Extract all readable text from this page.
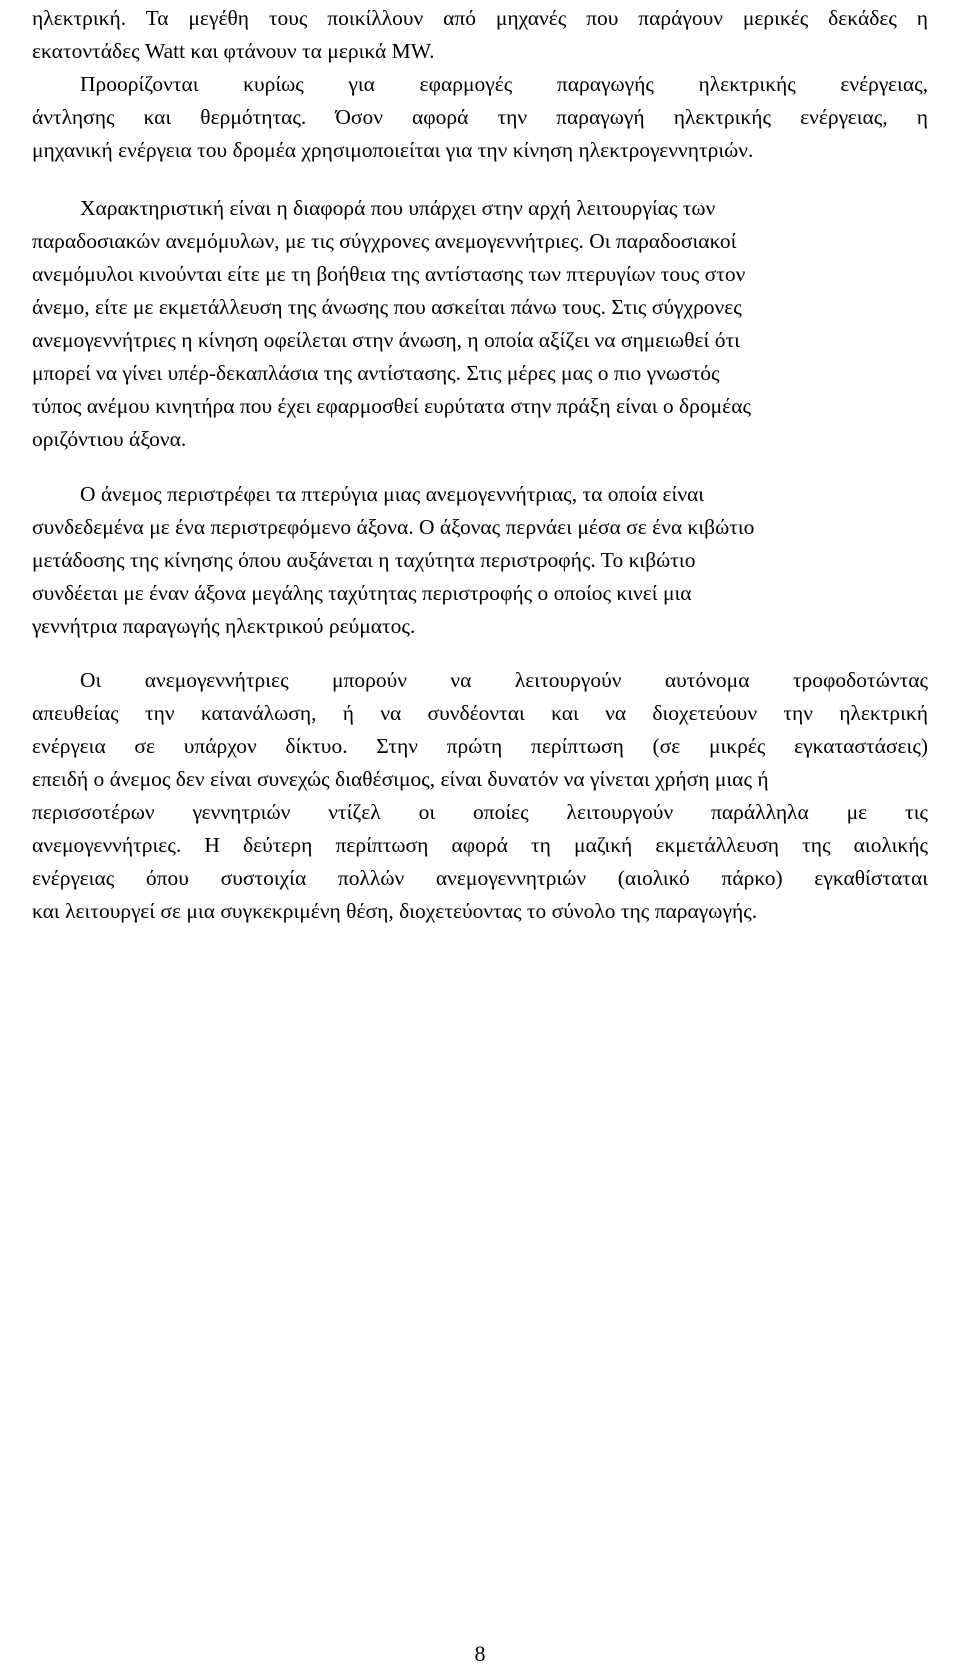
ηλεκτρική. Τα μεγέθη τους ποικίλλουν από μηχανές που παράγουν μερικές δεκάδες η
εκατοντάδες Watt και φτάνουν τα μερικά MW.
Προορίζονται κυρίως για εφαρμογές παραγωγής ηλεκτρικής ενέργειας,
άντλησης και θερμότητας. Όσον αφορά την παραγωγή ηλεκτρικής ενέργειας, η
μηχανική ενέργεια του δρομέα χρησιμοποιείται για την κίνηση ηλεκτρογεννητριών.
Χαρακτηριστική είναι η διαφορά που υπάρχει στην αρχή λειτουργίας των
παραδοσιακών ανεμόμυλων, με τις σύγχρονες ανεμογεννήτριες. Οι παραδοσιακοί
ανεμόμυλοι κινούνται είτε με τη βοήθεια της αντίστασης των πτερυγίων τους στον
άνεμο, είτε με εκμετάλλευση της άνωσης που ασκείται πάνω τους. Στις σύγχρονες
ανεμογεννήτριες η κίνηση οφείλεται στην άνωση, η οποία αξίζει να σημειωθεί ότι
μπορεί να γίνει υπέρ-δεκαπλάσια της αντίστασης. Στις μέρες μας ο πιο γνωστός
τύπος ανέμου κινητήρα που έχει εφαρμοσθεί ευρύτατα στην πράξη είναι ο δρομέας
οριζόντιου άξονα.
Ο άνεμος περιστρέφει τα πτερύγια μιας ανεμογεννήτριας, τα οποία είναι
συνδεδεμένα με ένα περιστρεφόμενο άξονα. Ο άξονας περνάει μέσα σε ένα κιβώτιο
μετάδοσης της κίνησης όπου αυξάνεται η ταχύτητα περιστροφής. Το κιβώτιο
συνδέεται με έναν άξονα μεγάλης ταχύτητας περιστροφής ο οποίος κινεί μια
γεννήτρια παραγωγής ηλεκτρικού ρεύματος.
Οι ανεμογεννήτριες μπορούν να λειτουργούν αυτόνομα τροφοδοτώντας
απευθείας την κατανάλωση, ή να συνδέονται και να διοχετεύουν την ηλεκτρική
ενέργεια σε υπάρχον δίκτυο. Στην πρώτη περίπτωση (σε μικρές εγκαταστάσεις)
επειδή ο άνεμος δεν είναι συνεχώς διαθέσιμος, είναι δυνατόν να γίνεται χρήση μιας ή
περισσοτέρων γεννητριών ντίζελ οι οποίες λειτουργούν παράλληλα με τις
ανεμογεννήτριες. Η δεύτερη περίπτωση αφορά τη μαζική εκμετάλλευση της αιολικής
ενέργειας όπου συστοιχία πολλών ανεμογεννητριών (αιολικό πάρκο) εγκαθίσταται
και λειτουργεί σε μια συγκεκριμένη θέση, διοχετεύοντας το σύνολο της παραγωγής.
8
